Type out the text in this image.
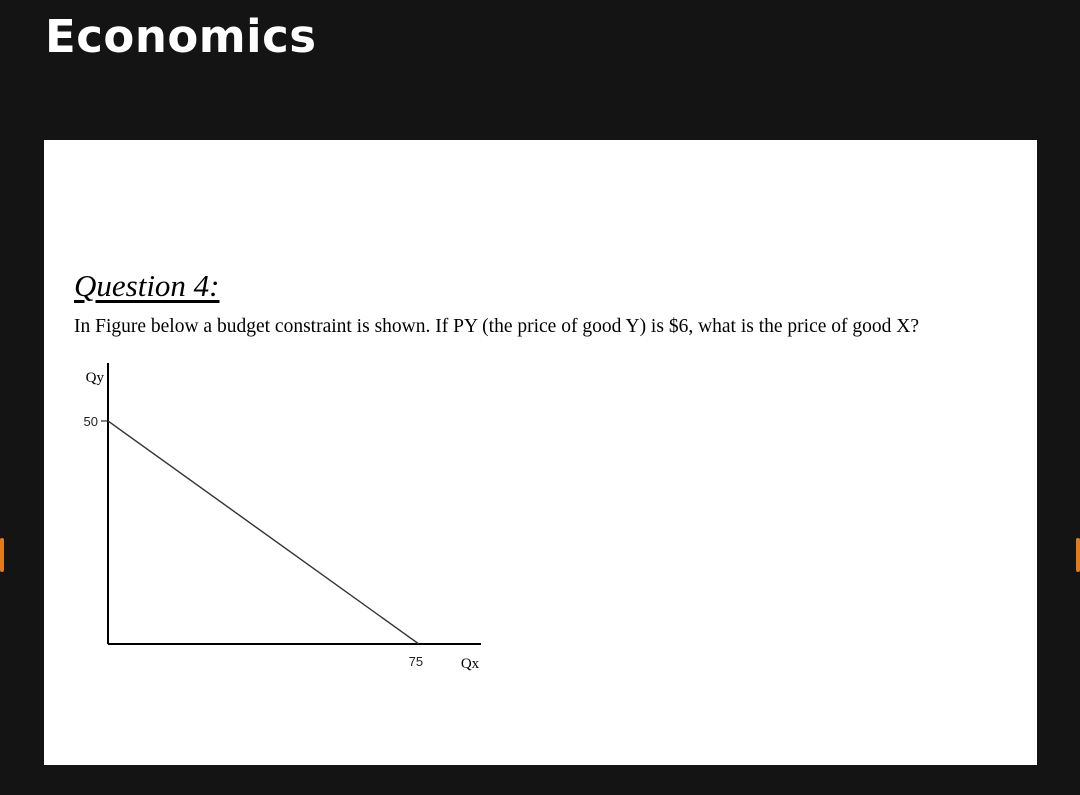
Economics
Question 4:
In Figure below a budget constraint is shown. If PY (the price of good Y) is $6, what is the price of good X?
Qy
Qx
50
75
